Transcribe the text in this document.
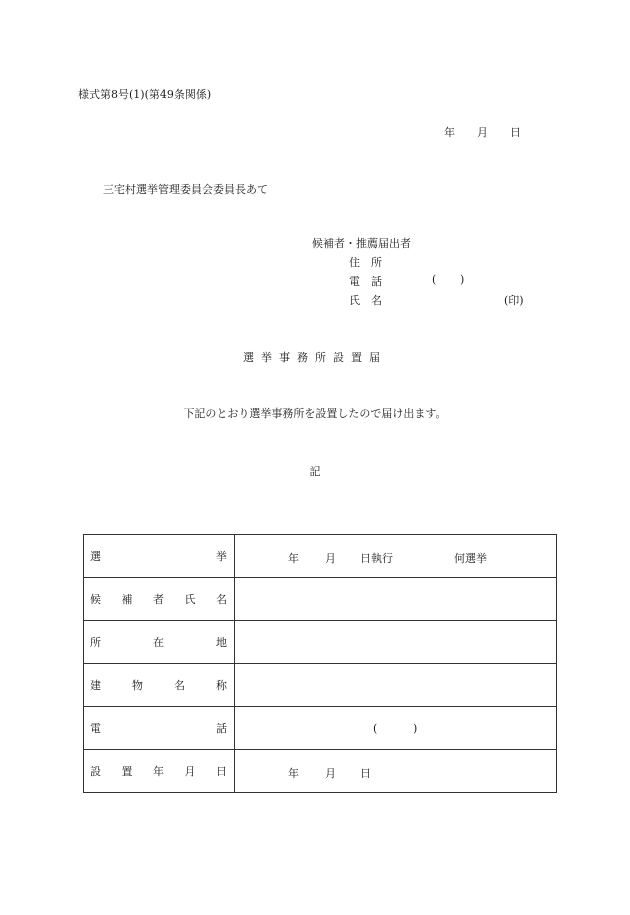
様式第8号(1)(第49条関係)
年 月 日
三宅村選挙管理委員会委員長あて
候補者・推薦届出者
住 所
電 話	( )
氏 名	(印)
選挙事務所設置届
下記のとおり選挙事務所を設置したので届け出ます。
記
選 挙	年 月 日執行 何選挙

候 補 者 氏 名	

所 在 地	

建 物 名 称	

電 話	( )

設 置 年 月 日	年 月 日
